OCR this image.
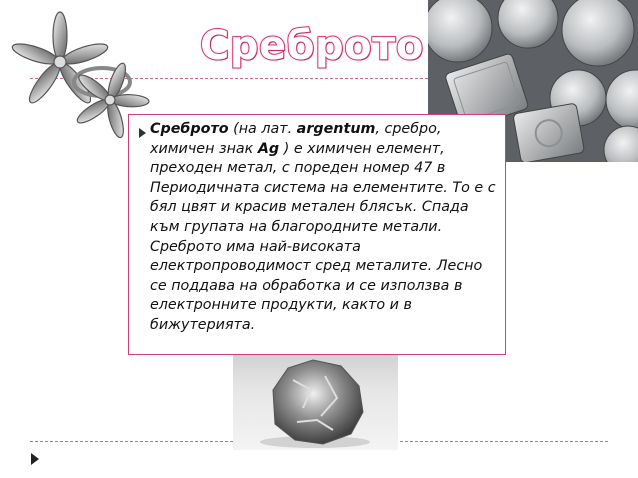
Среброто
Среброто (на лат. argentum, сребро, химичен знак Ag ) е химичен елемент, преходен метал, с пореден номер 47 в Периодичната система на елементите. То е с бял цвят и красив метален блясък. Спада към групата на благородните метали. Среброто има най-високата електропроводимост сред металите. Лесно се поддава на обработка и се използва в електронните продукти, както и в бижутерията.
